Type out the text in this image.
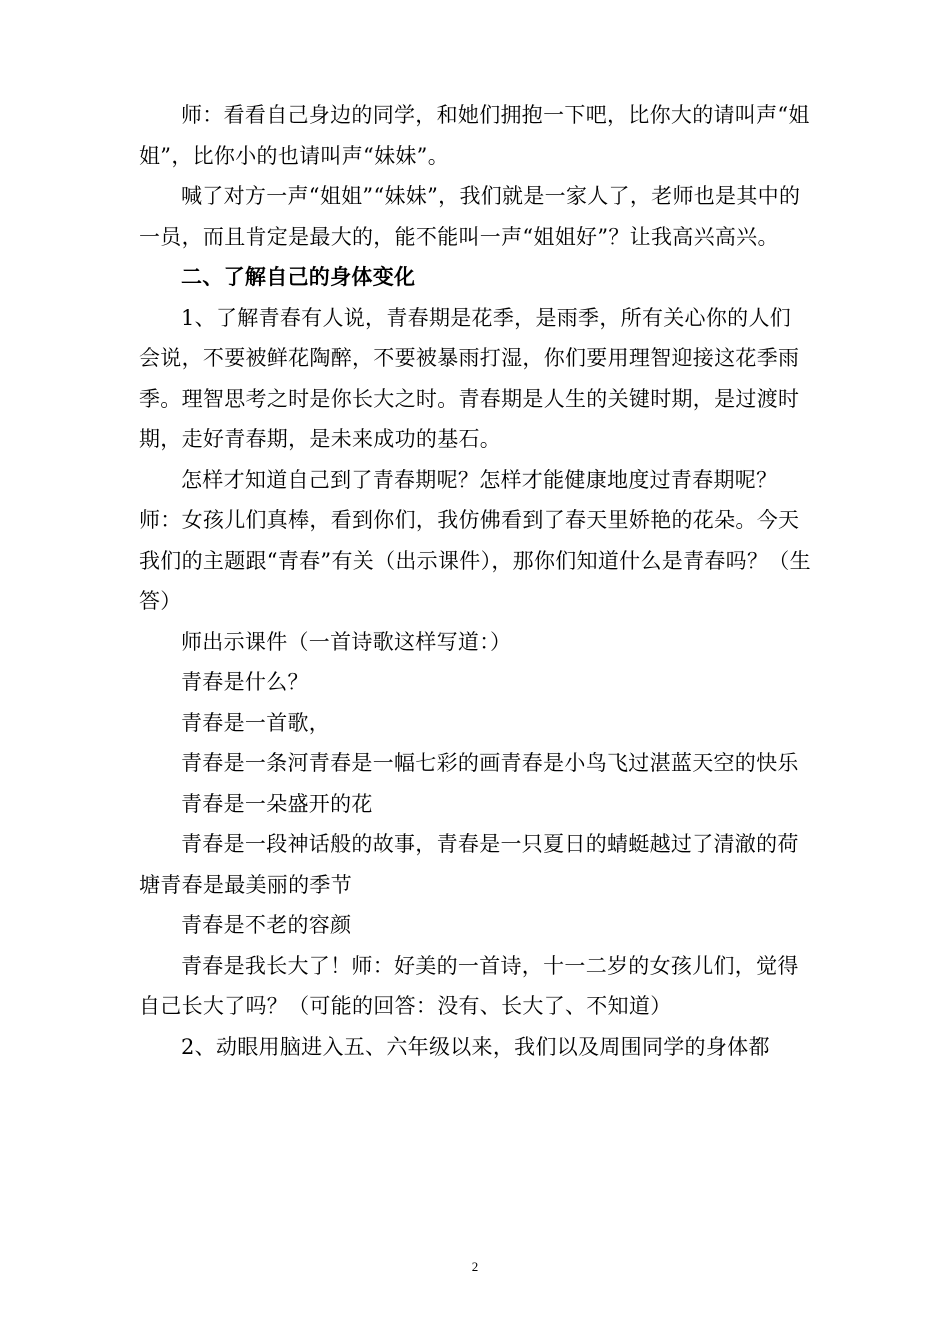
师：看看自己身边的同学，和她们拥抱一下吧，比你大的请叫声“姐姐”，比你小的也请叫声“妹妹”。

喊了对方一声“姐姐”“妹妹”，我们就是一家人了，老师也是其中的一员，而且肯定是最大的，能不能叫一声“姐姐好”？让我高兴高兴。

二、了解自己的身体变化

1、了解青春有人说，青春期是花季，是雨季，所有关心你的人们会说，不要被鲜花陶醉，不要被暴雨打湿，你们要用理智迎接这花季雨季。理智思考之时是你长大之时。青春期是人生的关键时期，是过渡时期，走好青春期，是未来成功的基石。

怎样才知道自己到了青春期呢？怎样才能健康地度过青春期呢？师：女孩儿们真棒，看到你们，我仿佛看到了春天里娇艳的花朵。今天我们的主题跟“青春”有关（出示课件），那你们知道什么是青春吗？（生答）

师出示课件（一首诗歌这样写道：）

青春是什么？

青春是一首歌，

青春是一条河青春是一幅七彩的画青春是小鸟飞过湛蓝天空的快乐

青春是一朵盛开的花

青春是一段神话般的故事，青春是一只夏日的蜻蜓越过了清澈的荷塘青春是最美丽的季节

青春是不老的容颜

青春是我长大了！师：好美的一首诗，十一二岁的女孩儿们，觉得自己长大了吗？（可能的回答：没有、长大了、不知道）

2、动眼用脑进入五、六年级以来，我们以及周围同学的身体都

2
